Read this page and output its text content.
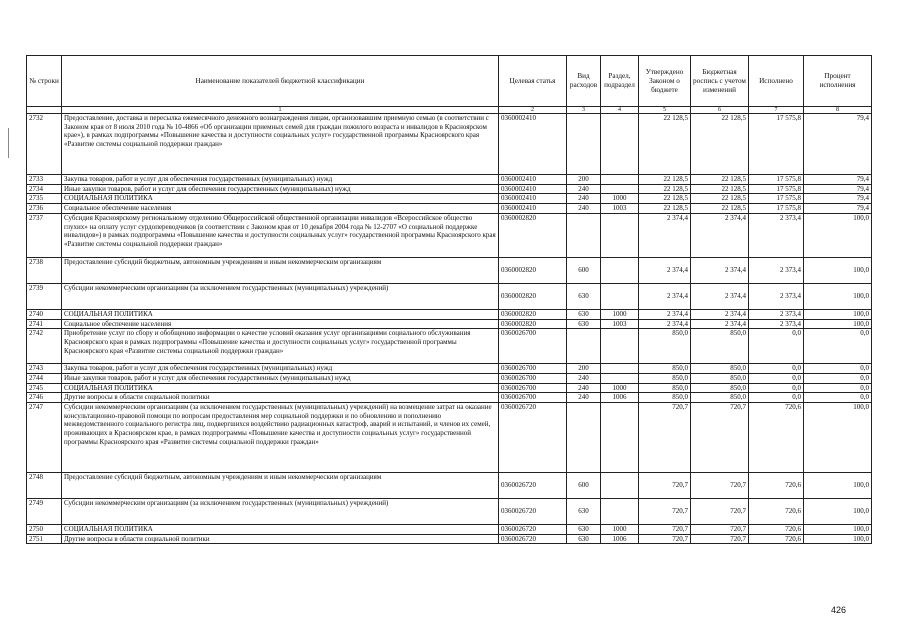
№ строки	Наименование показателей бюджетной классификации	Целевая статья	Вид расходов	Раздел, подраздел	Утверждено Законом о бюджете	Бюджетная роспись с учетом изменений	Исполнено	Процент исполнения
	1	2	3	4	5	6	7	8
2732	Предоставление, доставка и пересылка ежемесячного денежного вознаграждения лицам, организовавшим приемную семью (в соответствии с Законом края от 8 июля 2010 года № 10-4866 «Об организации приемных семей для граждан пожилого возраста и инвалидов в Красноярском крае»), в рамках подпрограммы «Повышение качества и доступности социальных услуг» государственной программы Красноярского края «Развитие системы социальной поддержки граждан»	0360002410			22 128,5	22 128,5	17 575,8	79,4
2733	Закупка товаров, работ и услуг для обеспечения государственных (муниципальных) нужд	0360002410	200		22 128,5	22 128,5	17 575,8	79,4
2734	Иные закупки товаров, работ и услуг для обеспечения государственных (муниципальных) нужд	0360002410	240		22 128,5	22 128,5	17 575,8	79,4
2735	СОЦИАЛЬНАЯ ПОЛИТИКА	0360002410	240	1000	22 128,5	22 128,5	17 575,8	79,4
2736	Социальное обеспечение населения	0360002410	240	1003	22 128,5	22 128,5	17 575,8	79,4
2737	Субсидия Красноярскому региональному отделению Общероссийской общественной организации инвалидов «Всероссийское общество глухих» на оплату услуг сурдопереводчиков (в соответствии с Законом края от 10 декабря 2004 года № 12-2707 «О социальной поддержке инвалидов») в рамках подпрограммы «Повышение качества и доступности социальных услуг» государственной программы Красноярского края «Развитие системы социальной поддержки граждан»	0360002820			2 374,4	2 374,4	2 373,4	100,0
2738	Предоставление субсидий бюджетным, автономным учреждениям и иным некоммерческим организациям	0360002820	600		2 374,4	2 374,4	2 373,4	100,0
2739	Субсидии некоммерческим организациям (за исключением государственных (муниципальных) учреждений)	0360002820	630		2 374,4	2 374,4	2 373,4	100,0
2740	СОЦИАЛЬНАЯ ПОЛИТИКА	0360002820	630	1000	2 374,4	2 374,4	2 373,4	100,0
2741	Социальное обеспечение населения	0360002820	630	1003	2 374,4	2 374,4	2 373,4	100,0
2742	Приобретение услуг по сбору и обобщению информации о качестве условий оказания услуг организациями социального обслуживания Красноярского края в рамках подпрограммы «Повышение качества и доступности социальных услуг» государственной программы Красноярского края «Развитие системы социальной поддержки граждан»	0360026700			850,0	850,0	0,0	0,0
2743	Закупка товаров, работ и услуг для обеспечения государственных (муниципальных) нужд	0360026700	200		850,0	850,0	0,0	0,0
2744	Иные закупки товаров, работ и услуг для обеспечения государственных (муниципальных) нужд	0360026700	240		850,0	850,0	0,0	0,0
2745	СОЦИАЛЬНАЯ ПОЛИТИКА	0360026700	240	1000	850,0	850,0	0,0	0,0
2746	Другие вопросы в области социальной политики	0360026700	240	1006	850,0	850,0	0,0	0,0
2747	Субсидии некоммерческим организациям (за исключением государственных (муниципальных) учреждений) на возмещение затрат на оказание консультационно-правовой помощи по вопросам предоставления мер социальной поддержки и по обновлению и пополнению межведомственного социального регистра лиц, подвергшихся воздействию радиационных катастроф, аварий и испытаний, и членов их семей, проживающих в Красноярском крае, в рамках подпрограммы «Повышение качества и доступности социальных услуг» государственной программы Красноярского края «Развитие системы социальной поддержки граждан»	0360026720			720,7	720,7	720,6	100,0
2748	Предоставление субсидий бюджетным, автономным учреждениям и иным некоммерческим организациям	0360026720	600		720,7	720,7	720,6	100,0
2749	Субсидии некоммерческим организациям (за исключением государственных (муниципальных) учреждений)	0360026720	630		720,7	720,7	720,6	100,0
2750	СОЦИАЛЬНАЯ ПОЛИТИКА	0360026720	630	1000	720,7	720,7	720,6	100,0
2751	Другие вопросы в области социальной политики	0360026720	630	1006	720,7	720,7	720,6	100,0
426
